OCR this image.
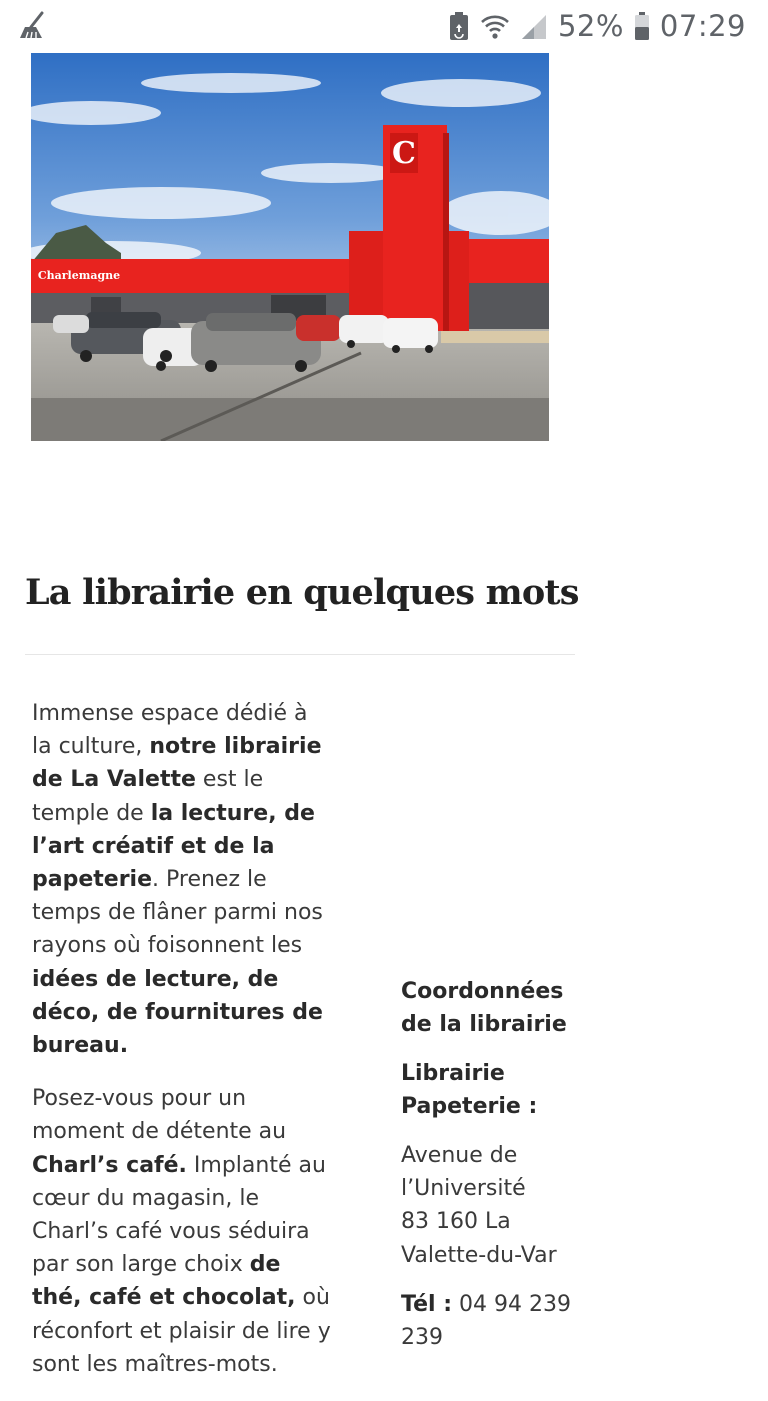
52% 07:29
C
Charlemagne
La librairie en quelques mots

Immense espace dédié à la culture, notre librairie de La Valette est le temple de la lecture, de l’art créatif et de la papeterie. Prenez le temps de flâner parmi nos rayons où foisonnent les idées de lecture, de déco, de fournitures de bureau.

Posez-vous pour un moment de détente au Charl’s café. Implanté au cœur du magasin, le Charl’s café vous séduira par son large choix de thé, café et chocolat, où réconfort et plaisir de lire y sont les maîtres-mots.

Coordonnées de la librairie

Librairie Papeterie :

Avenue de l’Université
83 160 La Valette-du-Var

Tél : 04 94 239 239
